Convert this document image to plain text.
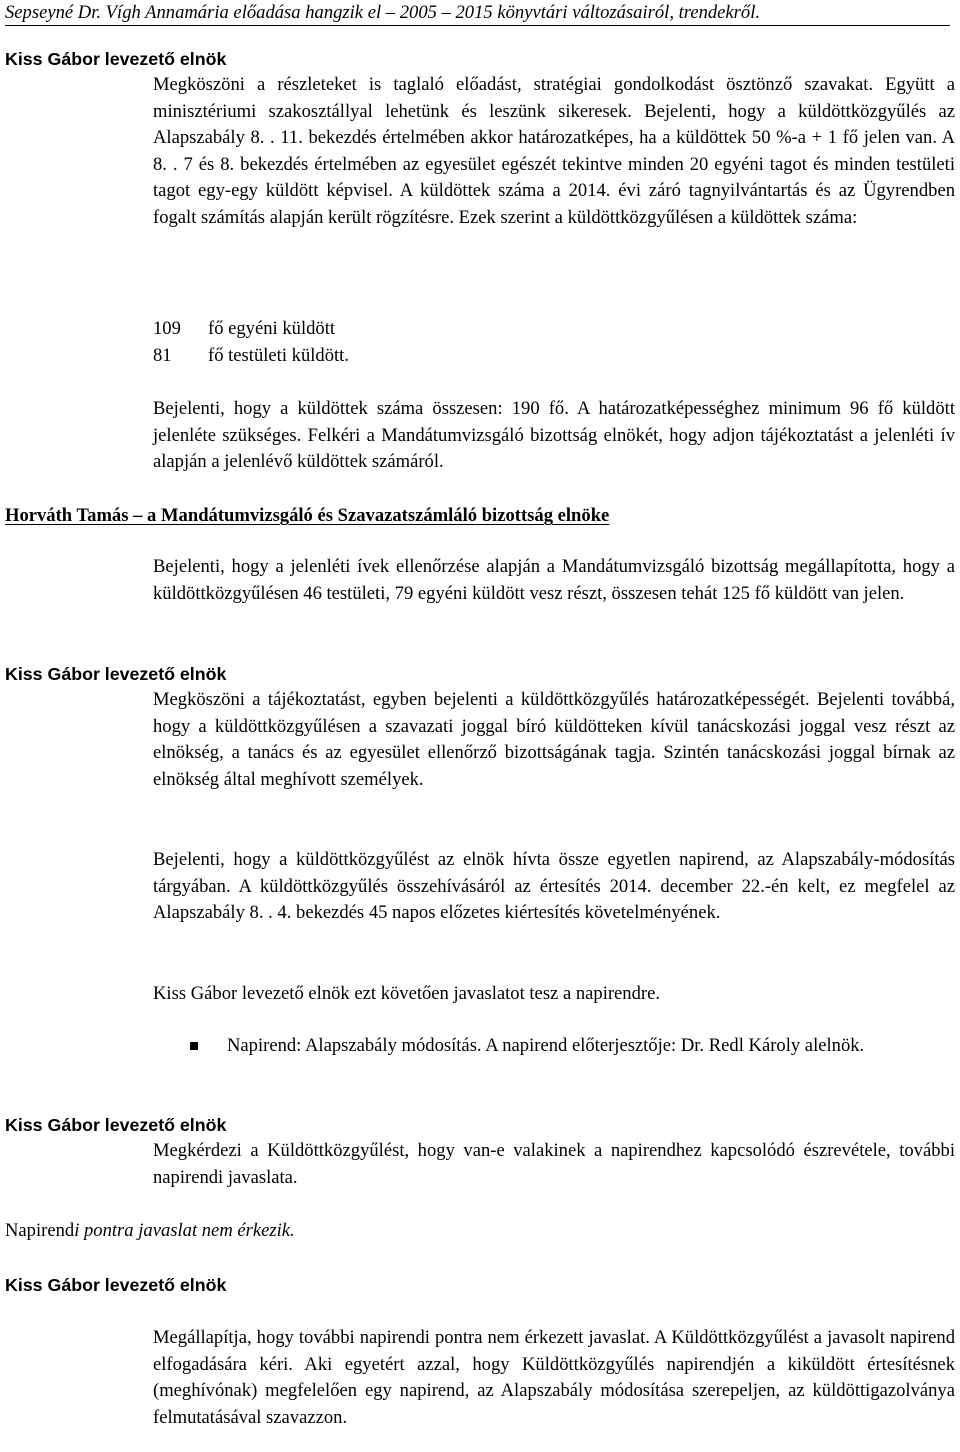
Sepseyné Dr. Vígh Annamária előadása hangzik el – 2005 – 2015 könyvtári változásairól, trendekről.
Kiss Gábor levezető elnök
Megköszöni a részleteket is taglaló előadást, stratégiai gondolkodást ösztönző szavakat. Együtt a minisztériumi szakosztállyal lehetünk és leszünk sikeresek. Bejelenti, hogy a küldöttközgyűlés az Alapszabály 8. . 11. bekezdés értelmében akkor határozatképes, ha a küldöttek 50 %-a + 1 fő jelen van. A 8. . 7 és 8. bekezdés értelmében az egyesület egészét tekintve minden 20 egyéni tagot és minden testületi tagot egy-egy küldött képvisel. A küldöttek száma a 2014. évi záró tagnyilvántartás és az Ügyrendben fogalt számítás alapján került rögzítésre. Ezek szerint a küldöttközgyűlésen a küldöttek száma:
109	fő egyéni küldött
81	fő testületi küldött.
Bejelenti, hogy a küldöttek száma összesen: 190 fő. A határozatképességhez minimum 96 fő küldött jelenléte szükséges. Felkéri a Mandátumvizsgáló bizottság elnökét, hogy adjon tájékoztatást a jelenléti ív alapján a jelenlévő küldöttek számáról.
Horváth Tamás – a Mandátumvizsgáló és Szavazatszámláló bizottság elnöke
Bejelenti, hogy a jelenléti ívek ellenőrzése alapján a Mandátumvizsgáló bizottság megállapította, hogy a küldöttközgyűlésen 46 testületi, 79 egyéni küldött vesz részt, összesen tehát 125 fő küldött van jelen.
Kiss Gábor levezető elnök
Megköszöni a tájékoztatást, egyben bejelenti a küldöttközgyűlés határozatképességét. Bejelenti továbbá, hogy a küldöttközgyűlésen a szavazati joggal bíró küldötteken kívül tanácskozási joggal vesz részt az elnökség, a tanács és az egyesület ellenőrző bizottságának tagja. Szintén tanácskozási joggal bírnak az elnökség által meghívott személyek.
Bejelenti, hogy a küldöttközgyűlést az elnök hívta össze egyetlen napirend, az Alapszabály-módosítás tárgyában. A küldöttközgyűlés összehívásáról az értesítés 2014. december 22.-én kelt, ez megfelel az Alapszabály 8. . 4. bekezdés 45 napos előzetes kiértesítés követelményének.
Kiss Gábor levezető elnök ezt követően javaslatot tesz a napirendre.
Napirend: Alapszabály módosítás. A napirend előterjesztője: Dr. Redl Károly alelnök.
Kiss Gábor levezető elnök
Megkérdezi a Küldöttközgyűlést, hogy van-e valakinek a napirendhez kapcsolódó észrevétele, további napirendi javaslata.
Napirendi pontra javaslat nem érkezik.
Kiss Gábor levezető elnök
Megállapítja, hogy további napirendi pontra nem érkezett javaslat. A Küldöttközgyűlést a javasolt napirend elfogadására kéri. Aki egyetért azzal, hogy Küldöttközgyűlés napirendjén a kiküldött értesítésnek (meghívónak) megfelelően egy napirend, az Alapszabály módosítása szerepeljen, az küldöttigazolványa felmutatásával szavazzon.
